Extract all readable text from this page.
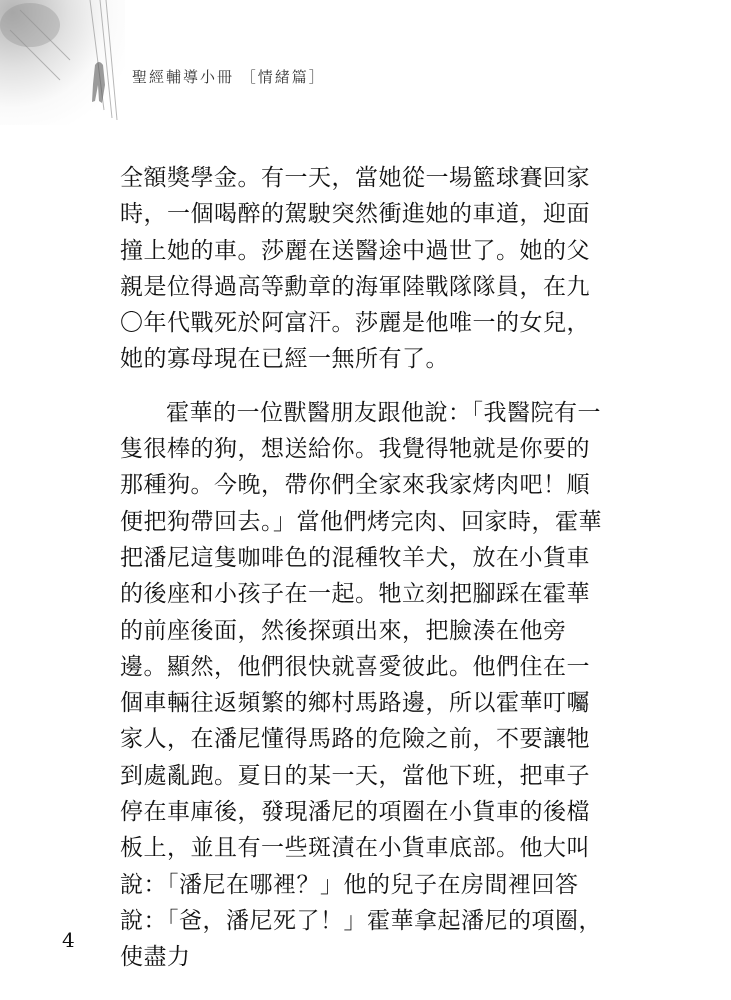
聖經輔導小冊 ［情緒篇］

全額獎學金。有一天，當她從一場籃球賽回家時，一個喝醉的駕駛突然衝進她的車道，迎面撞上她的車。莎麗在送醫途中過世了。她的父親是位得過高等勳章的海軍陸戰隊隊員，在九〇年代戰死於阿富汗。莎麗是他唯一的女兒，她的寡母現在已經一無所有了。

霍華的一位獸醫朋友跟他說：「我醫院有一隻很棒的狗，想送給你。我覺得牠就是你要的那種狗。今晚，帶你們全家來我家烤肉吧！順便把狗帶回去。」當他們烤完肉、回家時，霍華把潘尼這隻咖啡色的混種牧羊犬，放在小貨車的後座和小孩子在一起。牠立刻把腳踩在霍華的前座後面，然後探頭出來，把臉湊在他旁邊。顯然，他們很快就喜愛彼此。他們住在一個車輛往返頻繁的鄉村馬路邊，所以霍華叮囑家人，在潘尼懂得馬路的危險之前，不要讓牠到處亂跑。夏日的某一天，當他下班，把車子停在車庫後，發現潘尼的項圈在小貨車的後檔板上，並且有一些斑漬在小貨車底部。他大叫說：「潘尼在哪裡？」他的兒子在房間裡回答說：「爸，潘尼死了！」霍華拿起潘尼的項圈，使盡力

4
